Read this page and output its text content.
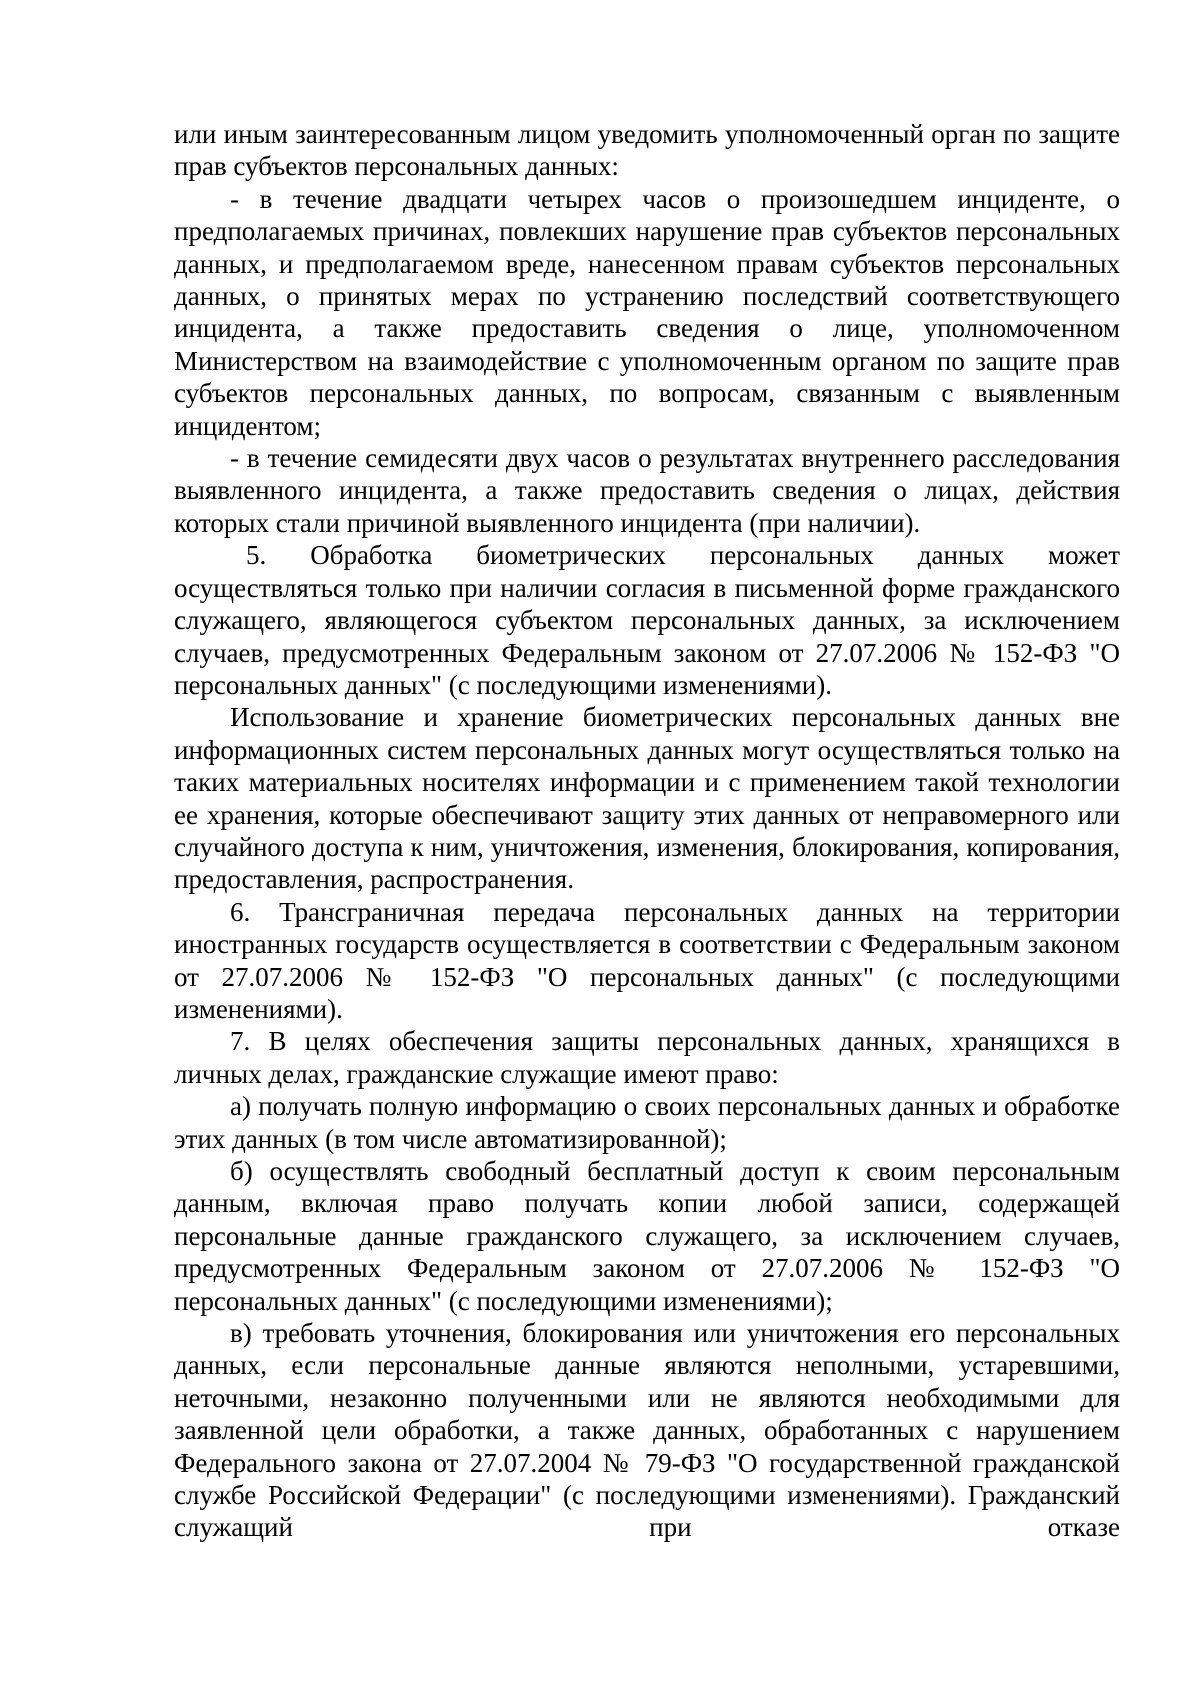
или иным заинтересованным лицом уведомить уполномоченный орган по защите прав субъектов персональных данных:

- в течение двадцати четырех часов о произошедшем инциденте, о предполагаемых причинах, повлекших нарушение прав субъектов персональных данных, и предполагаемом вреде, нанесенном правам субъектов персональных данных, о принятых мерах по устранению последствий соответствующего инцидента, а также предоставить сведения о лице, уполномоченном Министерством на взаимодействие с уполномоченным органом по защите прав субъектов персональных данных, по вопросам, связанным с выявленным инцидентом;

- в течение семидесяти двух часов о результатах внутреннего расследования выявленного инцидента, а также предоставить сведения о лицах, действия которых стали причиной выявленного инцидента (при наличии).

5. Обработка биометрических персональных данных может осуществляться только при наличии согласия в письменной форме гражданского служащего, являющегося субъектом персональных данных, за исключением случаев, предусмотренных Федеральным законом от 27.07.2006 № 152-ФЗ "О персональных данных" (с последующими изменениями).

Использование и хранение биометрических персональных данных вне информационных систем персональных данных могут осуществляться только на таких материальных носителях информации и с применением такой технологии ее хранения, которые обеспечивают защиту этих данных от неправомерного или случайного доступа к ним, уничтожения, изменения, блокирования, копирования, предоставления, распространения.

6. Трансграничная передача персональных данных на территории иностранных государств осуществляется в соответствии с Федеральным законом от 27.07.2006 № 152-ФЗ "О персональных данных" (с последующими изменениями).

7. В целях обеспечения защиты персональных данных, хранящихся в личных делах, гражданские служащие имеют право:

а) получать полную информацию о своих персональных данных и обработке этих данных (в том числе автоматизированной);

б) осуществлять свободный бесплатный доступ к своим персональным данным, включая право получать копии любой записи, содержащей персональные данные гражданского служащего, за исключением случаев, предусмотренных Федеральным законом от 27.07.2006 № 152-ФЗ "О персональных данных" (с последующими изменениями);

в) требовать уточнения, блокирования или уничтожения его персональных данных, если персональные данные являются неполными, устаревшими, неточными, незаконно полученными или не являются необходимыми для заявленной цели обработки, а также данных, обработанных с нарушением Федерального закона от 27.07.2004 № 79-ФЗ "О государственной гражданской службе Российской Федерации" (с последующими изменениями). Гражданский служащий при отказе
